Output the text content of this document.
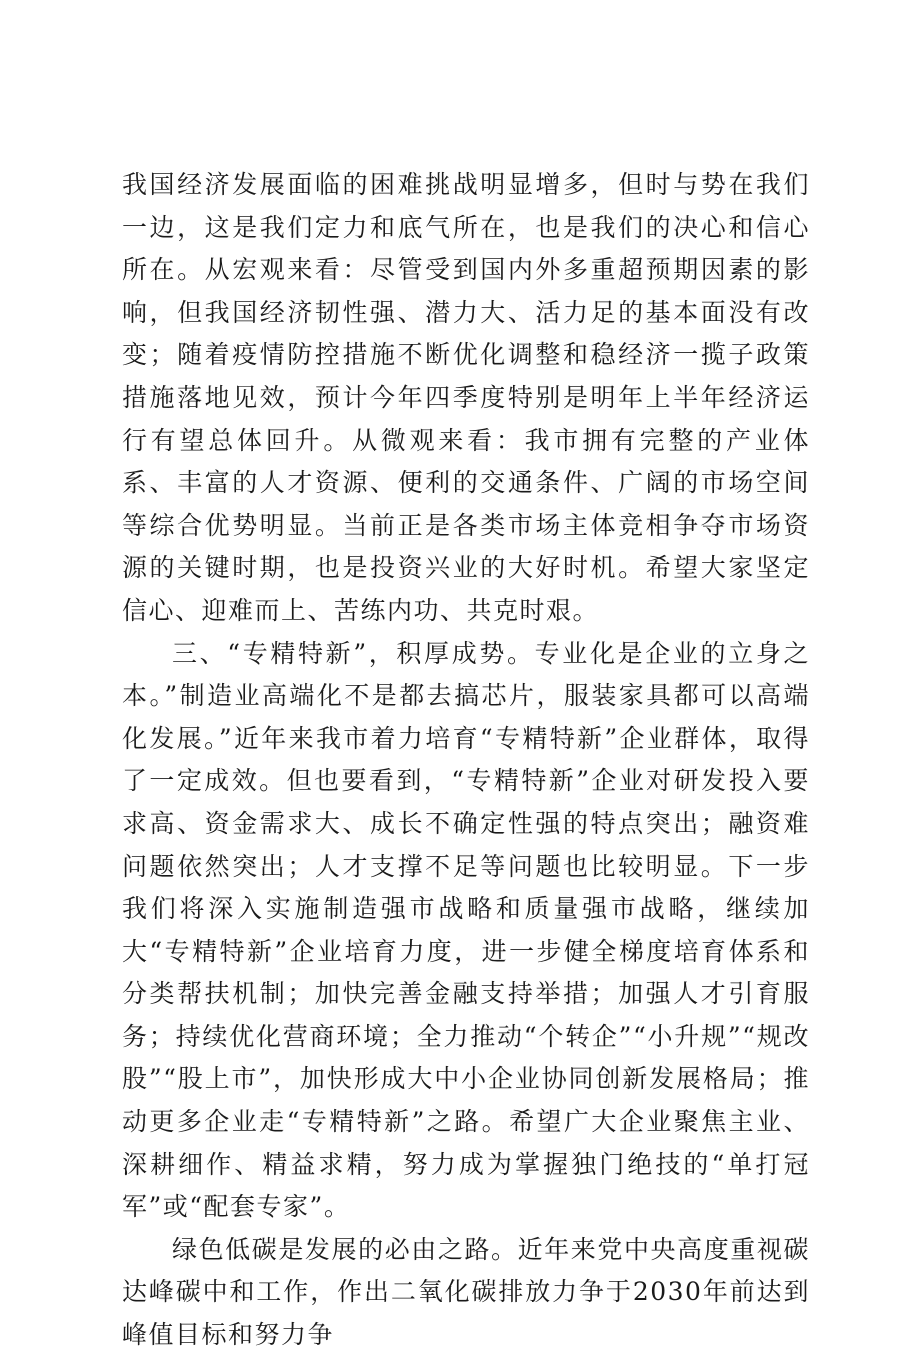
我国经济发展面临的困难挑战明显增多，但时与势在我们一边，这是我们定力和底气所在，也是我们的决心和信心所在。从宏观来看：尽管受到国内外多重超预期因素的影响，但我国经济韧性强、潜力大、活力足的基本面没有改变；随着疫情防控措施不断优化调整和稳经济一揽子政策措施落地见效，预计今年四季度特别是明年上半年经济运行有望总体回升。从微观来看：我市拥有完整的产业体系、丰富的人才资源、便利的交通条件、广阔的市场空间等综合优势明显。当前正是各类市场主体竞相争夺市场资源的关键时期，也是投资兴业的大好时机。希望大家坚定信心、迎难而上、苦练内功、共克时艰。

三、“专精特新”，积厚成势。专业化是企业的立身之本。”制造业高端化不是都去搞芯片，服装家具都可以高端化发展。”近年来我市着力培育“专精特新”企业群体，取得了一定成效。但也要看到，“专精特新”企业对研发投入要求高、资金需求大、成长不确定性强的特点突出；融资难问题依然突出；人才支撑不足等问题也比较明显。下一步我们将深入实施制造强市战略和质量强市战略，继续加大“专精特新”企业培育力度，进一步健全梯度培育体系和分类帮扶机制；加快完善金融支持举措；加强人才引育服务；持续优化营商环境；全力推动“个转企”“小升规”“规改股”“股上市”，加快形成大中小企业协同创新发展格局；推动更多企业走“专精特新”之路。希望广大企业聚焦主业、深耕细作、精益求精，努力成为掌握独门绝技的“单打冠军”或“配套专家”。

绿色低碳是发展的必由之路。近年来党中央高度重视碳达峰碳中和工作，作出二氧化碳排放力争于2030年前达到峰值目标和努力争
